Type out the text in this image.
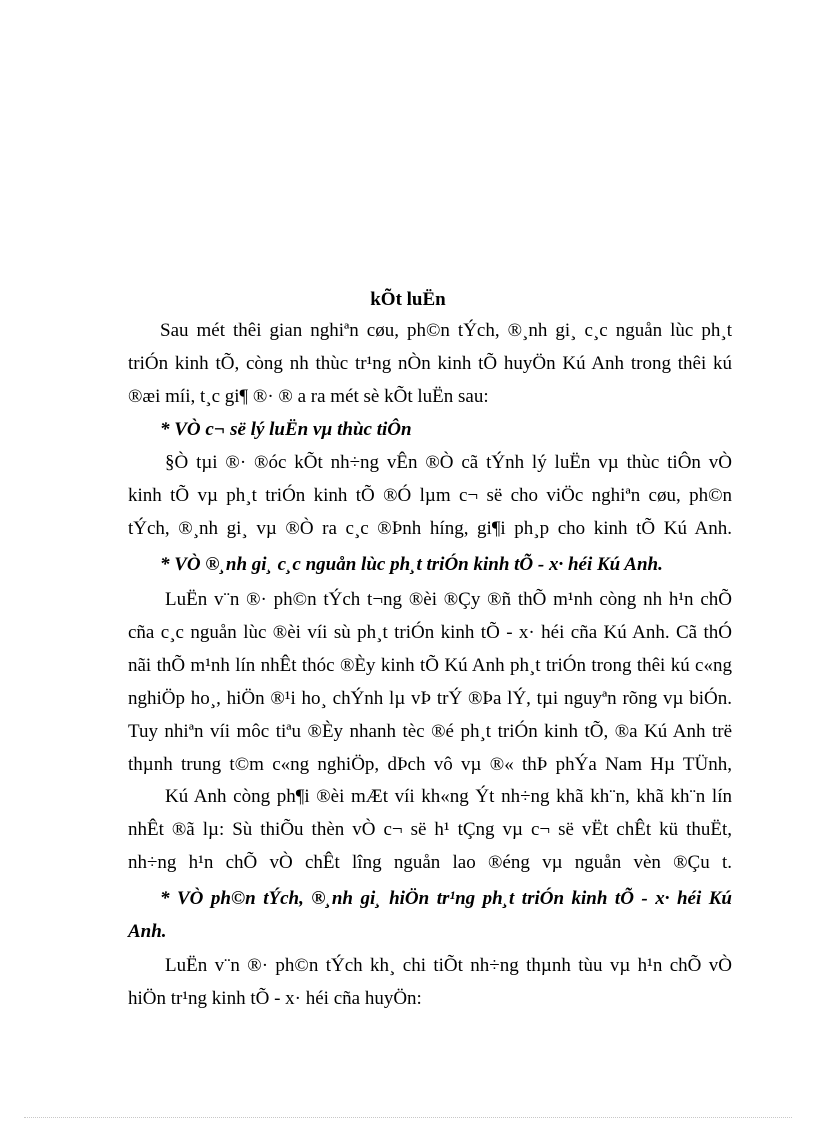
kÕt luËn
Sau mét thêi gian nghiªn cøu, ph©n tÝch, ®¸nh gi¸ c¸c nguån lùc ph¸t
triÓn kinh tÕ, còng nh thùc tr¹ng nÒn kinh tÕ huyÖn Kú Anh trong thêi kú
®æi míi, t¸c gi¶ ®· ® a ra mét sè kÕt luËn sau:
* VÒ c¬ së lý luËn vµ thùc tiÔn
§Ò tµi ®· ®óc kÕt nh÷ng vÊn ®Ò cã tÝnh lý luËn vµ thùc tiÔn vÒ
kinh tÕ vµ ph¸t triÓn kinh tÕ ®Ó lµm c¬ së cho viÖc nghiªn cøu, ph©n
tÝch, ®¸nh gi¸ vµ ®Ò ra c¸c ®Þnh híng, gi¶i ph¸p cho kinh tÕ Kú Anh.
* VÒ ®¸nh gi¸ c¸c nguån lùc ph¸t triÓn kinh tÕ - x· héi Kú Anh.
LuËn v¨n ®· ph©n tÝch t¬ng ®èi ®Çy ®ñ thÕ m¹nh còng nh h¹n chÕ
cña c¸c nguån lùc ®èi víi sù ph¸t triÓn kinh tÕ - x· héi cña Kú Anh. Cã thÓ
nãi thÕ m¹nh lín nhÊt thóc ®Èy kinh tÕ Kú Anh ph¸t triÓn trong thêi kú c«ng
nghiÖp ho¸, hiÖn ®¹i ho¸ chÝnh lµ vÞ trÝ ®Þa lÝ, tµi nguyªn rõng vµ biÓn.
Tuy nhiªn víi môc tiªu ®Èy nhanh tèc ®é ph¸t triÓn kinh tÕ, ®a Kú Anh trë
thµnh trung t©m c«ng nghiÖp, dÞch vô vµ ®« thÞ phÝa Nam Hµ TÜnh,
Kú Anh còng ph¶i ®èi mÆt víi kh«ng Ýt nh÷ng khã kh¨n, khã kh¨n lín
nhÊt ®ã lµ: Sù thiÕu thèn vÒ c¬ së h¹ tÇng vµ c¬ së vËt chÊt kü thuËt,
nh÷ng h¹n chÕ vÒ chÊt lîng nguån lao ®éng vµ nguån vèn ®Çu t.
* VÒ ph©n tÝch, ®¸nh gi¸ hiÖn tr¹ng ph¸t triÓn kinh tÕ - x· héi Kú
Anh.
LuËn v¨n ®· ph©n tÝch kh¸ chi tiÕt nh÷ng thµnh tùu vµ h¹n chÕ vÒ
hiÖn tr¹ng kinh tÕ - x· héi cña huyÖn:
